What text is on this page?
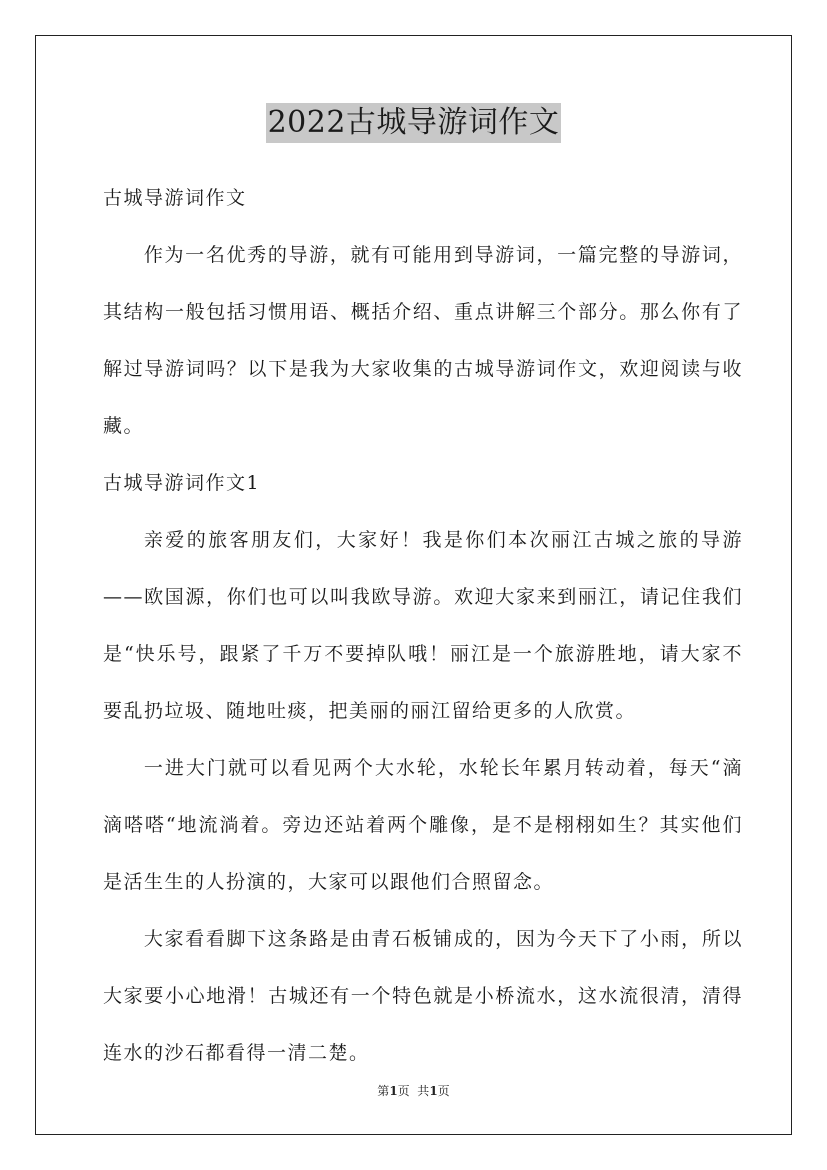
2022古城导游词作文

古城导游词作文

作为一名优秀的导游，就有可能用到导游词，一篇完整的导游词，其结构一般包括习惯用语、概括介绍、重点讲解三个部分。那么你有了解过导游词吗？以下是我为大家收集的古城导游词作文，欢迎阅读与收藏。

古城导游词作文1

亲爱的旅客朋友们，大家好！我是你们本次丽江古城之旅的导游——欧国源，你们也可以叫我欧导游。欢迎大家来到丽江，请记住我们是“快乐号，跟紧了千万不要掉队哦！丽江是一个旅游胜地，请大家不要乱扔垃圾、随地吐痰，把美丽的丽江留给更多的人欣赏。

一进大门就可以看见两个大水轮，水轮长年累月转动着，每天“滴滴嗒嗒“地流淌着。旁边还站着两个雕像，是不是栩栩如生？其实他们是活生生的人扮演的，大家可以跟他们合照留念。

大家看看脚下这条路是由青石板铺成的，因为今天下了小雨，所以大家要小心地滑！古城还有一个特色就是小桥流水，这水流很清，清得连水的沙石都看得一清二楚。

第1页  共1页
